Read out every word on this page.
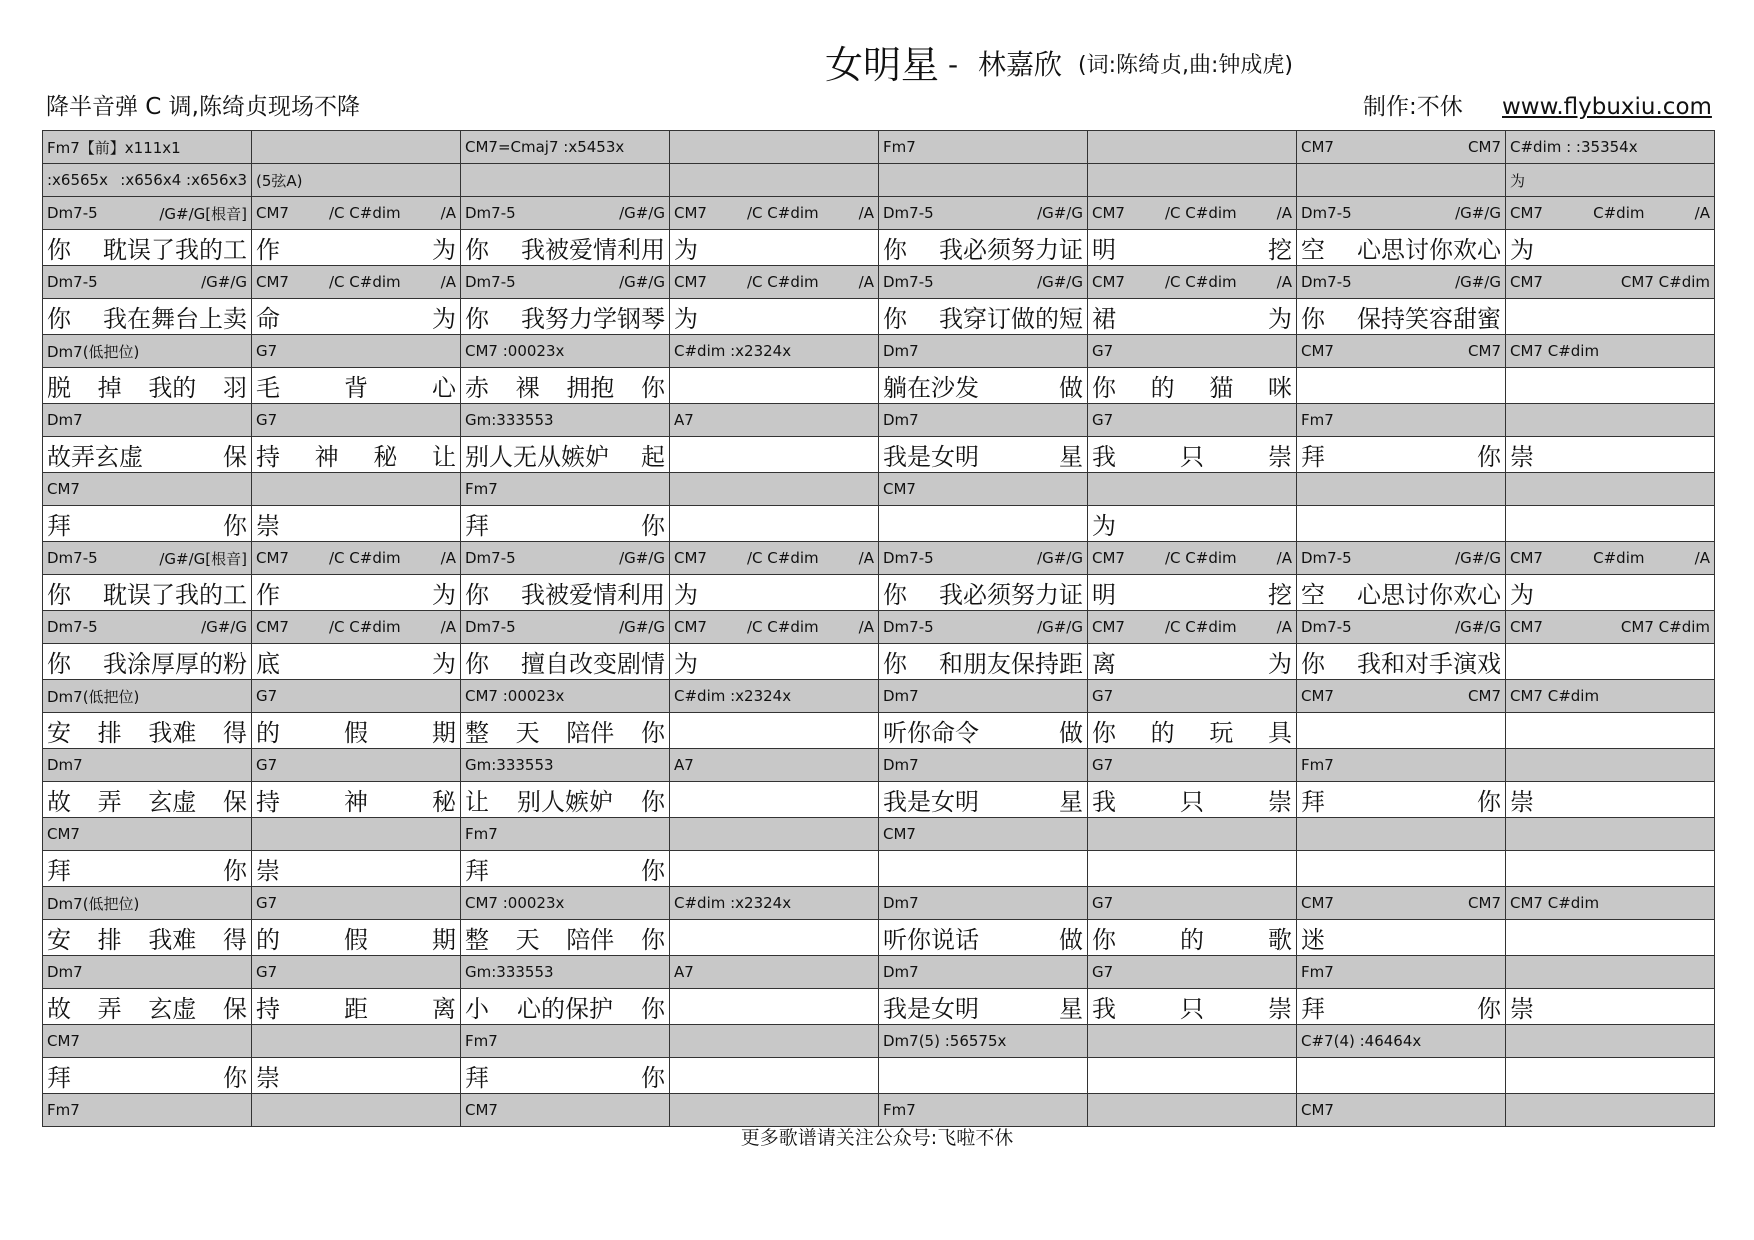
女明星 - 林嘉欣 (词:陈绮贞,曲:钟成虎)
降半音弹 C 调,陈绮贞现场不降	制作:不休 www.flybuxiu.com
Fm7【前】x111x1		CM7=Cmaj7 :x5453x		Fm7		CM7 CM7	C#dim : :35354x

:x6565x :x656x4 :x656x3	(5弦A)						为

Dm7-5 /G#/G[根音]	CM7 /C C#dim /A	Dm7-5 /G#/G	CM7 /C C#dim /A	Dm7-5 /G#/G	CM7 /C C#dim /A	Dm7-5 /G#/G	CM7 C#dim /A

你 耽误了我的工	作 为	你 我被爱情利用	为	你 我必须努力证	明 挖	空 心思讨你欢心	为

Dm7-5 /G#/G	CM7 /C C#dim /A	Dm7-5 /G#/G	CM7 /C C#dim /A	Dm7-5 /G#/G	CM7 /C C#dim /A	Dm7-5 /G#/G	CM7 CM7 C#dim

你 我在舞台上卖	命 为	你 我努力学钢琴	为	你 我穿订做的短	裙 为	你 保持笑容甜蜜	

Dm7(低把位)	G7	CM7 :00023x	C#dim :x2324x	Dm7	G7	CM7 CM7	CM7 C#dim

脱 掉 我的 羽	毛 背 心	赤 裸 拥抱 你		躺在沙发 做	你 的 猫 咪		

Dm7	G7	Gm:333553	A7	Dm7	G7	Fm7	

故弄玄虚 保	持 神 秘 让	别人无从嫉妒 起		我是女明 星	我 只 崇	拜 你	崇

CM7		Fm7		CM7			

拜 你	崇	拜 你			为		

Dm7-5 /G#/G[根音]	CM7 /C C#dim /A	Dm7-5 /G#/G	CM7 /C C#dim /A	Dm7-5 /G#/G	CM7 /C C#dim /A	Dm7-5 /G#/G	CM7 C#dim /A

你 耽误了我的工	作 为	你 我被爱情利用	为	你 我必须努力证	明 挖	空 心思讨你欢心	为

Dm7-5 /G#/G	CM7 /C C#dim /A	Dm7-5 /G#/G	CM7 /C C#dim /A	Dm7-5 /G#/G	CM7 /C C#dim /A	Dm7-5 /G#/G	CM7 CM7 C#dim

你 我涂厚厚的粉	底 为	你 擅自改变剧情	为	你 和朋友保持距	离 为	你 我和对手演戏	

Dm7(低把位)	G7	CM7 :00023x	C#dim :x2324x	Dm7	G7	CM7 CM7	CM7 C#dim

安 排 我难 得	的 假 期	整 天 陪伴 你		听你命令 做	你 的 玩 具		

Dm7	G7	Gm:333553	A7	Dm7	G7	Fm7	

故 弄 玄虚 保	持 神 秘	让 别人嫉妒 你		我是女明 星	我 只 崇	拜 你	崇

CM7		Fm7		CM7			

拜 你	崇	拜 你					

Dm7(低把位)	G7	CM7 :00023x	C#dim :x2324x	Dm7	G7	CM7 CM7	CM7 C#dim

安 排 我难 得	的 假 期	整 天 陪伴 你		听你说话 做	你 的 歌	迷	

Dm7	G7	Gm:333553	A7	Dm7	G7	Fm7	

故 弄 玄虚 保	持 距 离	小 心的保护 你		我是女明 星	我 只 崇	拜 你	崇

CM7		Fm7		Dm7(5) :56575x		C#7(4) :46464x	

拜 你	崇	拜 你					

Fm7		CM7		Fm7		CM7	

更多歌谱请关注公众号:飞啦不休
